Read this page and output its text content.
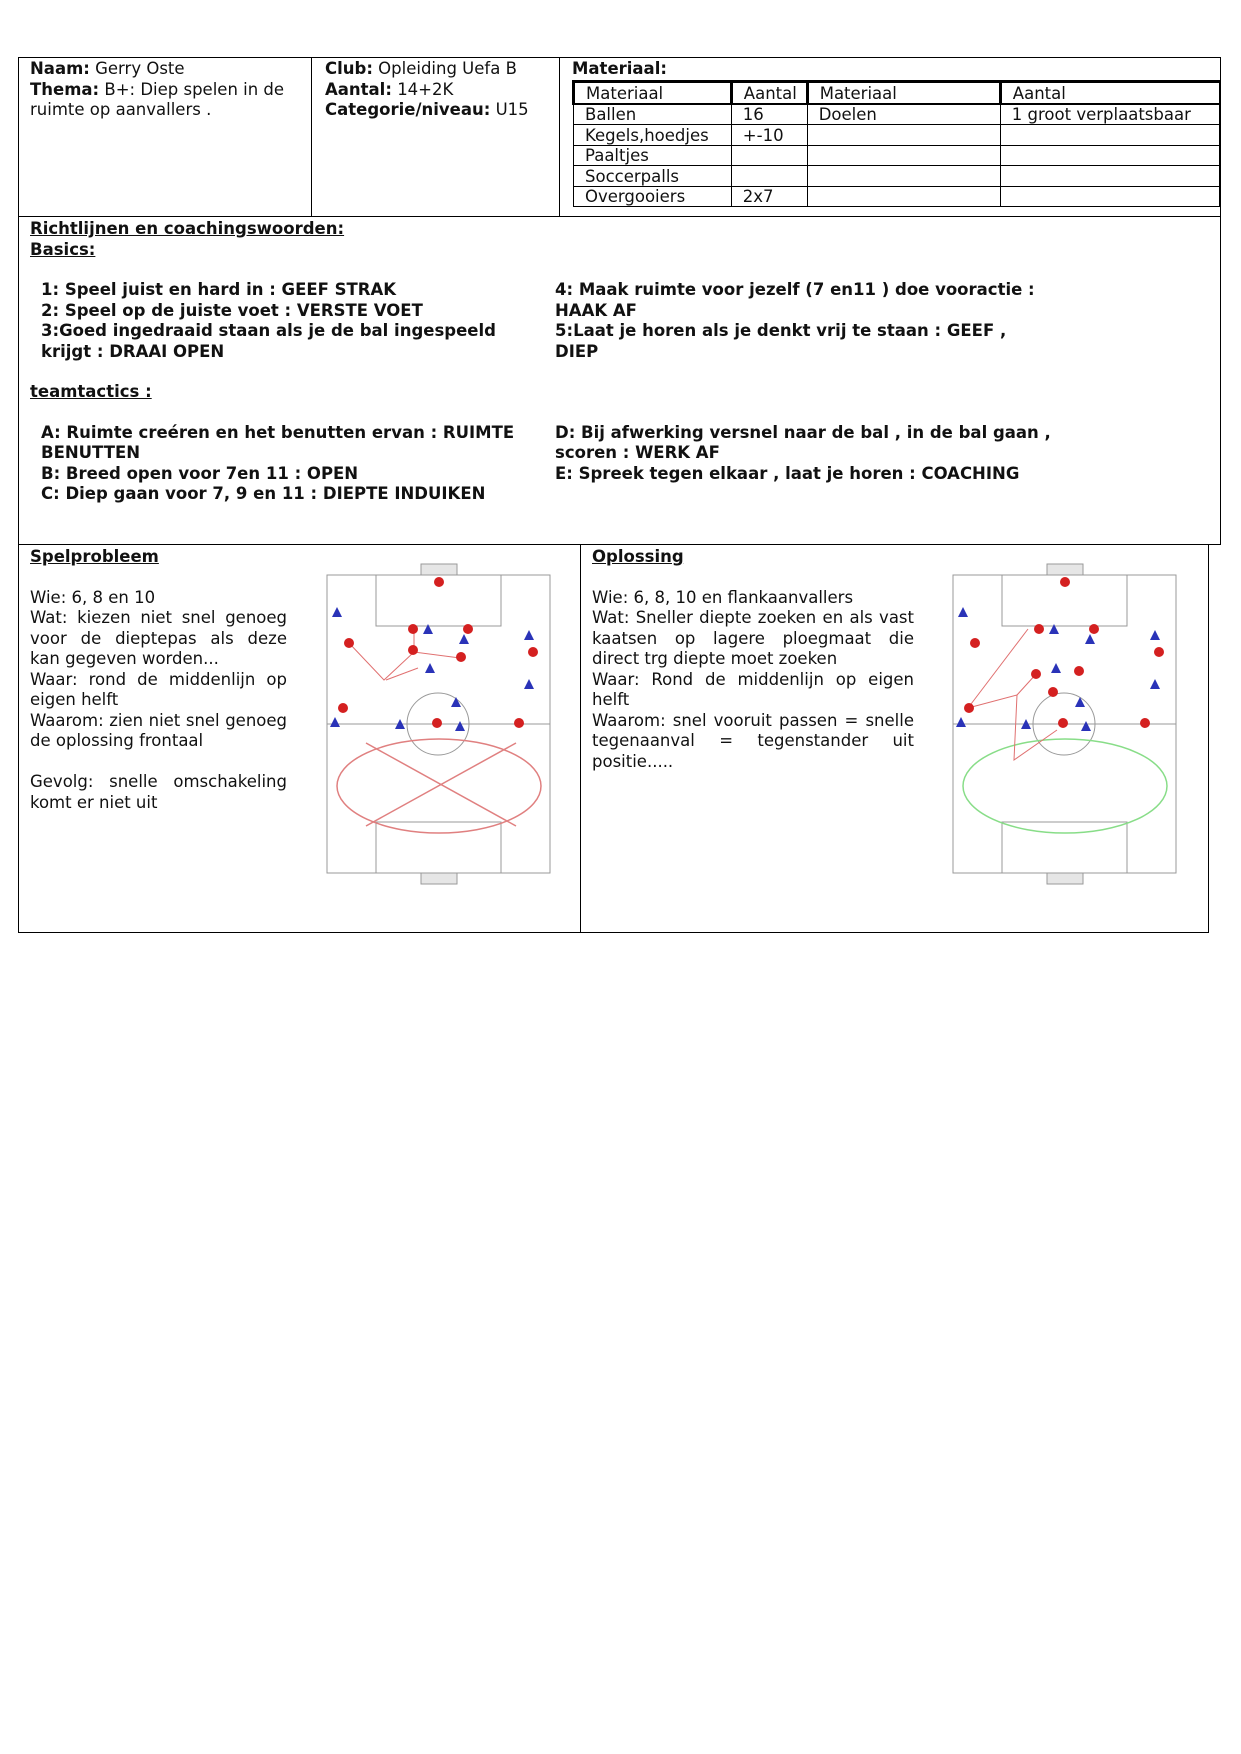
Naam: Gerry Oste
Thema: B+: Diep spelen in de
ruimte op aanvallers .
Club: Opleiding Uefa B
Aantal: 14+2K
Categorie/niveau: U15
Materiaal:
Materiaal	Aantal	Materiaal	Aantal
Ballen	16	Doelen	1 groot verplaatsbaar
Kegels,hoedjes	+-10		
Paaltjes			
Soccerpalls			
Overgooiers	2x7		
Richtlijnen en coachingswoorden:
Basics:
1: Speel juist en hard in : GEEF STRAK
2: Speel op de juiste voet : VERSTE VOET
3:Goed ingedraaid staan als je de bal ingespeeld
krijgt : DRAAI OPEN
4: Maak ruimte voor jezelf (7 en11 ) doe vooractie :
HAAK AF
5:Laat je horen als je denkt vrij te staan : GEEF ,
DIEP
teamtactics :
A: Ruimte creéren en het benutten ervan : RUIMTE
BENUTTEN
B: Breed open voor 7en 11 : OPEN
C: Diep gaan voor 7, 9 en 11 : DIEPTE INDUIKEN
D: Bij afwerking versnel naar de bal , in de bal gaan ,
scoren : WERK AF
E: Spreek tegen elkaar , laat je horen : COACHING
Spelprobleem
Wie: 6, 8 en 10
Wat: kiezen niet snel genoeg voor de dieptepas als deze kan gegeven worden...
Waar: rond de middenlijn op eigen helft
Waarom: zien niet snel genoeg de oplossing frontaal
Gevolg: snelle omschakeling komt er niet uit
Oplossing
Wie: 6, 8, 10 en flankaanvallers
Wat: Sneller diepte zoeken en als vast kaatsen op lagere ploegmaat die direct trg diepte moet zoeken
Waar: Rond de middenlijn op eigen helft
Waarom: snel vooruit passen = snelle tegenaanval = tegenstander uit positie.....
